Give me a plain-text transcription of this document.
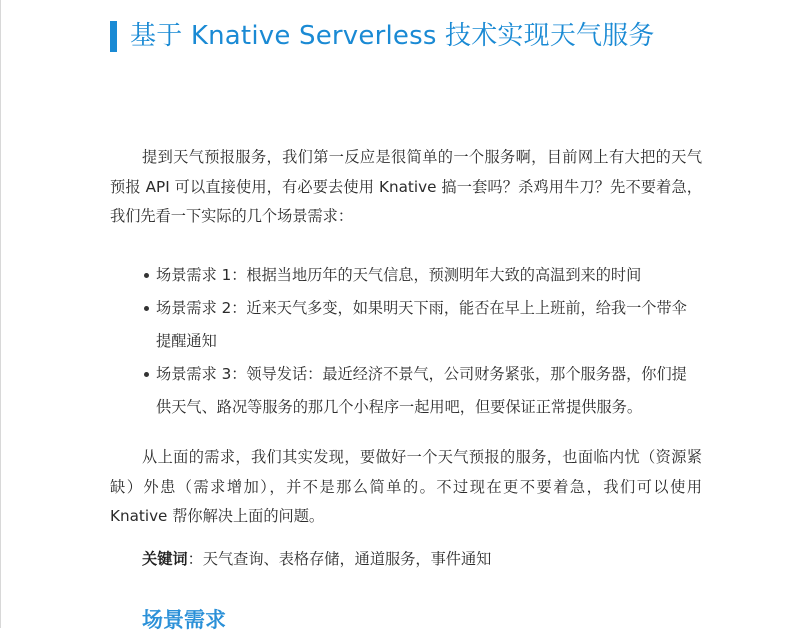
基于 Knative Serverless 技术实现天气服务

提到天气预报服务，我们第一反应是很简单的一个服务啊，目前网上有大把的天气预报 API 可以直接使用，有必要去使用 Knative 搞一套吗？杀鸡用牛刀？先不要着急，我们先看一下实际的几个场景需求：

场景需求 1：根据当地历年的天气信息，预测明年大致的高温到来的时间
场景需求 2：近来天气多变，如果明天下雨，能否在早上上班前，给我一个带伞提醒通知
场景需求 3：领导发话：最近经济不景气，公司财务紧张，那个服务器，你们提供天气、路况等服务的那几个小程序一起用吧，但要保证正常提供服务。

从上面的需求，我们其实发现，要做好一个天气预报的服务，也面临内忧（资源紧缺）外患（需求增加），并不是那么简单的。不过现在更不要着急，我们可以使用 Knative 帮你解决上面的问题。

关键词：天气查询、表格存储，通道服务，事件通知
场景需求
